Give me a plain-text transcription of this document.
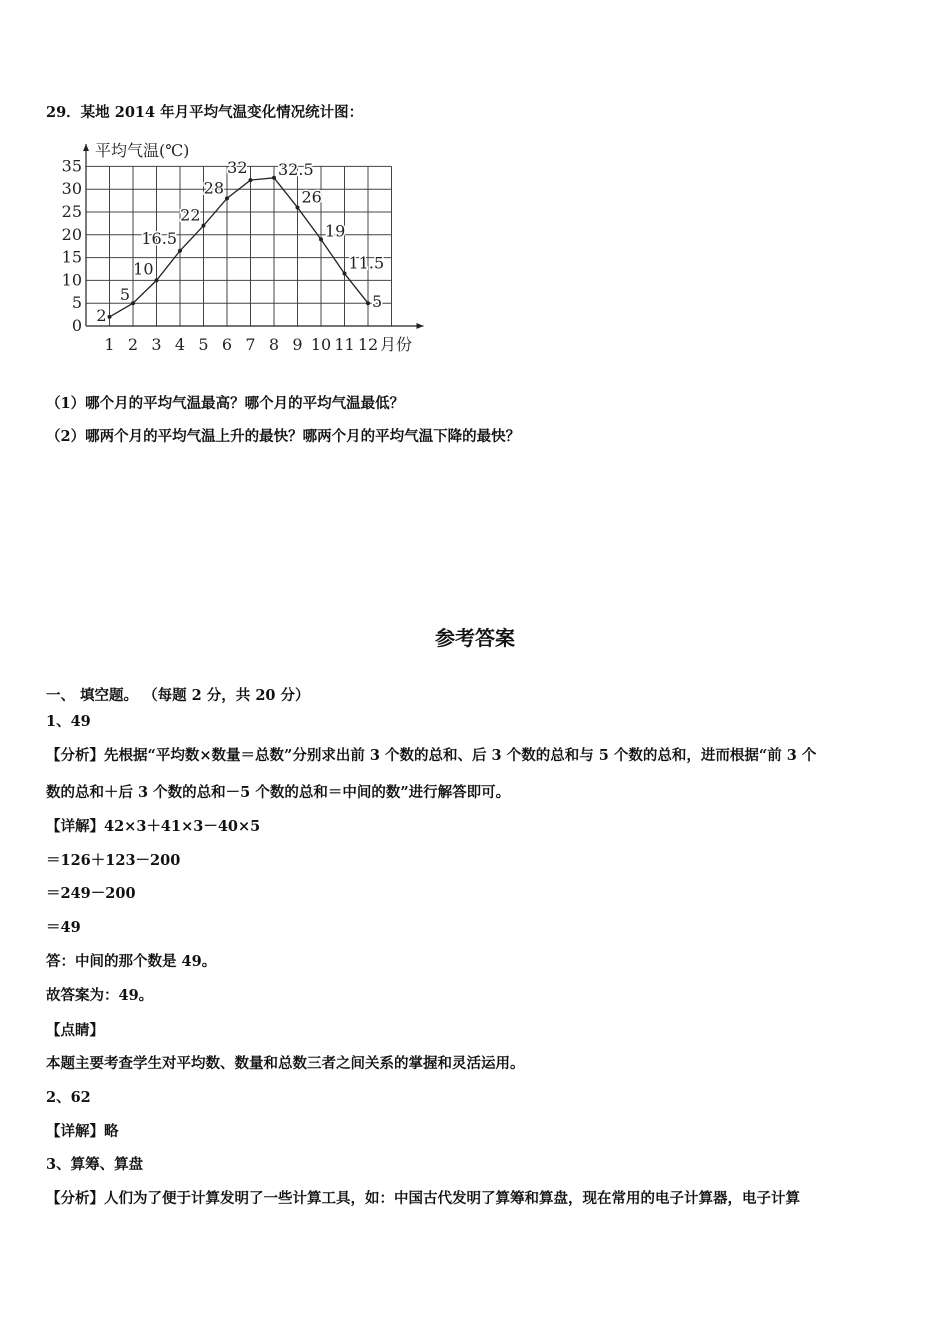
29．某地 2014 年月平均气温变化情况统计图：
0
5
10
15
20
25
30
35
1 2 3 4 5 6 7 8 9 10 11 12
平均气温(℃)
月份
2
5
10
16.5
22
28
32 32.5
26
19
11.5
5
（1）哪个月的平均气温最高？哪个月的平均气温最低？
（2）哪两个月的平均气温上升的最快？哪两个月的平均气温下降的最快？
参考答案
一、 填空题。 （每题 2 分，共 20 分）
1、49
【分析】先根据“平均数×数量＝总数”分别求出前 3 个数的总和、后 3 个数的总和与 5 个数的总和，进而根据“前 3 个
数的总和＋后 3 个数的总和－5 个数的总和＝中间的数”进行解答即可。
【详解】42×3＋41×3－40×5
＝126＋123－200
＝249－200
＝49
答：中间的那个数是 49。
故答案为：49。
【点睛】
本题主要考查学生对平均数、数量和总数三者之间关系的掌握和灵活运用。
2、62
【详解】略
3、算筹、算盘
【分析】人们为了便于计算发明了一些计算工具，如：中国古代发明了算筹和算盘，现在常用的电子计算器，电子计算
